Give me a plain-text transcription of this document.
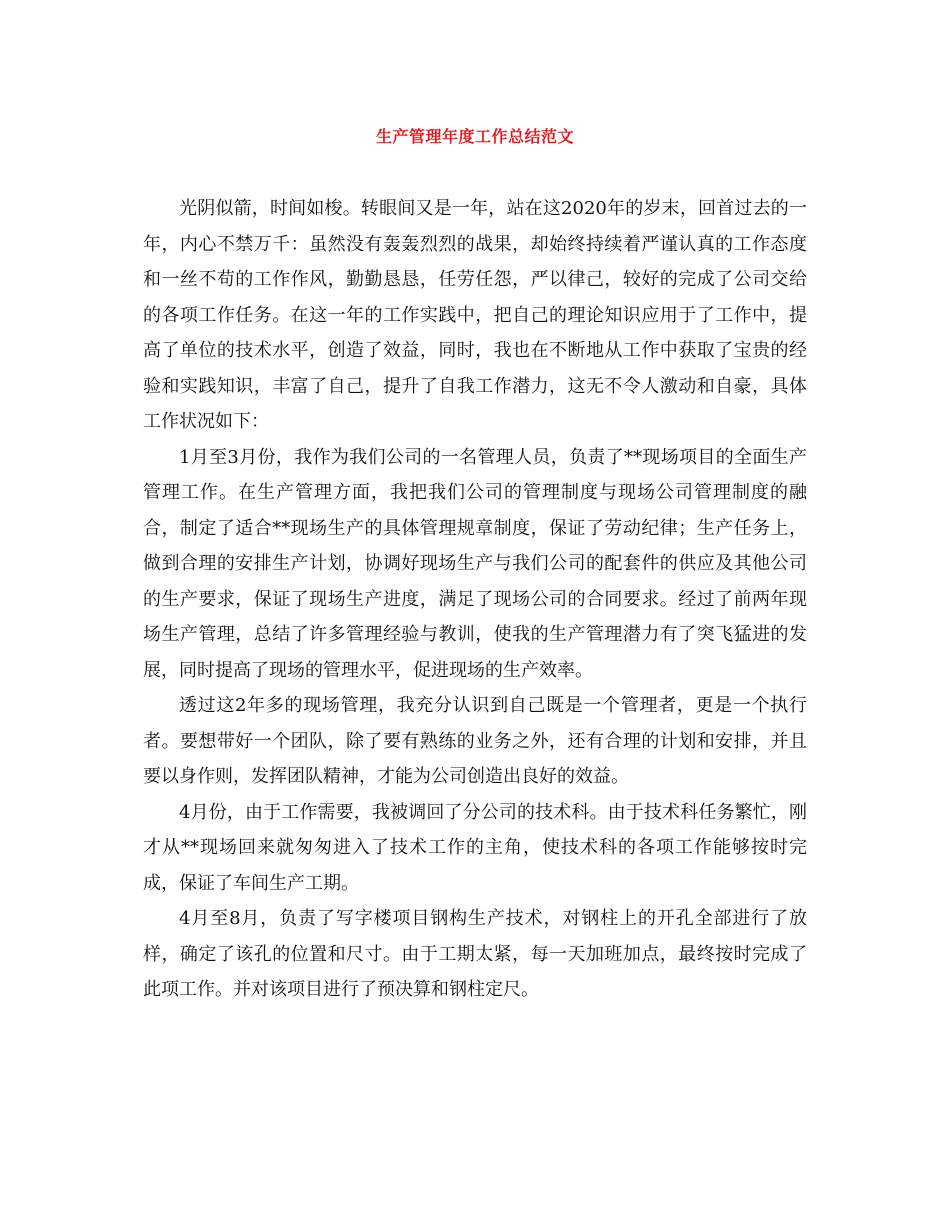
生产管理年度工作总结范文

光阴似箭，时间如梭。转眼间又是一年，站在这2020年的岁末，回首过去的一年，内心不禁万千：虽然没有轰轰烈烈的战果，却始终持续着严谨认真的工作态度和一丝不苟的工作作风，勤勤恳恳，任劳任怨，严以律己，较好的完成了公司交给的各项工作任务。在这一年的工作实践中，把自己的理论知识应用于了工作中，提高了单位的技术水平，创造了效益，同时，我也在不断地从工作中获取了宝贵的经验和实践知识，丰富了自己，提升了自我工作潜力，这无不令人激动和自豪，具体工作状况如下：

1月至3月份，我作为我们公司的一名管理人员，负责了**现场项目的全面生产管理工作。在生产管理方面，我把我们公司的管理制度与现场公司管理制度的融合，制定了适合**现场生产的具体管理规章制度，保证了劳动纪律；生产任务上，做到合理的安排生产计划，协调好现场生产与我们公司的配套件的供应及其他公司的生产要求，保证了现场生产进度，满足了现场公司的合同要求。经过了前两年现场生产管理，总结了许多管理经验与教训，使我的生产管理潜力有了突飞猛进的发展，同时提高了现场的管理水平，促进现场的生产效率。

透过这2年多的现场管理，我充分认识到自己既是一个管理者，更是一个执行者。要想带好一个团队，除了要有熟练的业务之外，还有合理的计划和安排，并且要以身作则，发挥团队精神，才能为公司创造出良好的效益。

4月份，由于工作需要，我被调回了分公司的技术科。由于技术科任务繁忙，刚才从**现场回来就匆匆进入了技术工作的主角，使技术科的各项工作能够按时完成，保证了车间生产工期。

4月至8月，负责了写字楼项目钢构生产技术，对钢柱上的开孔全部进行了放样，确定了该孔的位置和尺寸。由于工期太紧，每一天加班加点，最终按时完成了此项工作。并对该项目进行了预决算和钢柱定尺。
